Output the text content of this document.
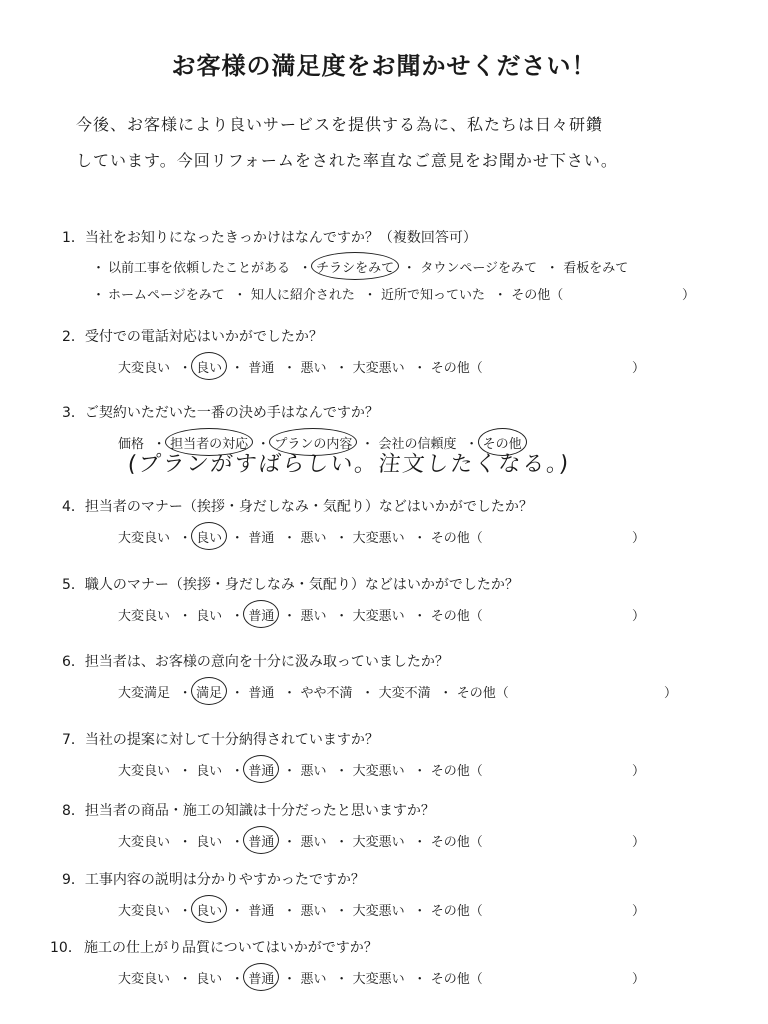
お客様の満足度をお聞かせください！
今後、お客様により良いサービスを提供する為に、私たちは日々研鑽
しています。今回リフォームをされた率直なご意見をお聞かせ下さい。
1．当社をお知りになったきっかけはなんですか？（複数回答可）
・ 以前工事を依頼したことがある ・ チラシをみて ・ タウンページをみて ・ 看板をみて
・ ホームページをみて ・ 知人に紹介された ・ 近所で知っていた ・ その他（	）
2．受付での電話対応はいかがでしたか？
大変良い ・ 良い ・ 普通 ・ 悪い ・ 大変悪い ・ その他（	）
3．ご契約いただいた一番の決め手はなんですか？
価格 ・ 担当者の対応 ・ プランの内容 ・ 会社の信頼度 ・ その他
(プランがすばらしい。注文したくなる。)
4．担当者のマナー（挨拶・身だしなみ・気配り）などはいかがでしたか？
大変良い ・ 良い ・ 普通 ・ 悪い ・ 大変悪い ・ その他（	）
5．職人のマナー（挨拶・身だしなみ・気配り）などはいかがでしたか？
大変良い ・ 良い ・ 普通 ・ 悪い ・ 大変悪い ・ その他（	）
6．担当者は、お客様の意向を十分に汲み取っていましたか？
大変満足 ・ 満足 ・ 普通 ・ やや不満 ・ 大変不満 ・ その他（	）
7．当社の提案に対して十分納得されていますか？
大変良い ・ 良い ・ 普通 ・ 悪い ・ 大変悪い ・ その他（	）
8．担当者の商品・施工の知識は十分だったと思いますか？
大変良い ・ 良い ・ 普通 ・ 悪い ・ 大変悪い ・ その他（	）
9．工事内容の説明は分かりやすかったですか？
大変良い ・ 良い ・ 普通 ・ 悪い ・ 大変悪い ・ その他（	）
10． 施工の仕上がり品質についてはいかがですか？
大変良い ・ 良い ・ 普通 ・ 悪い ・ 大変悪い ・ その他（	）
